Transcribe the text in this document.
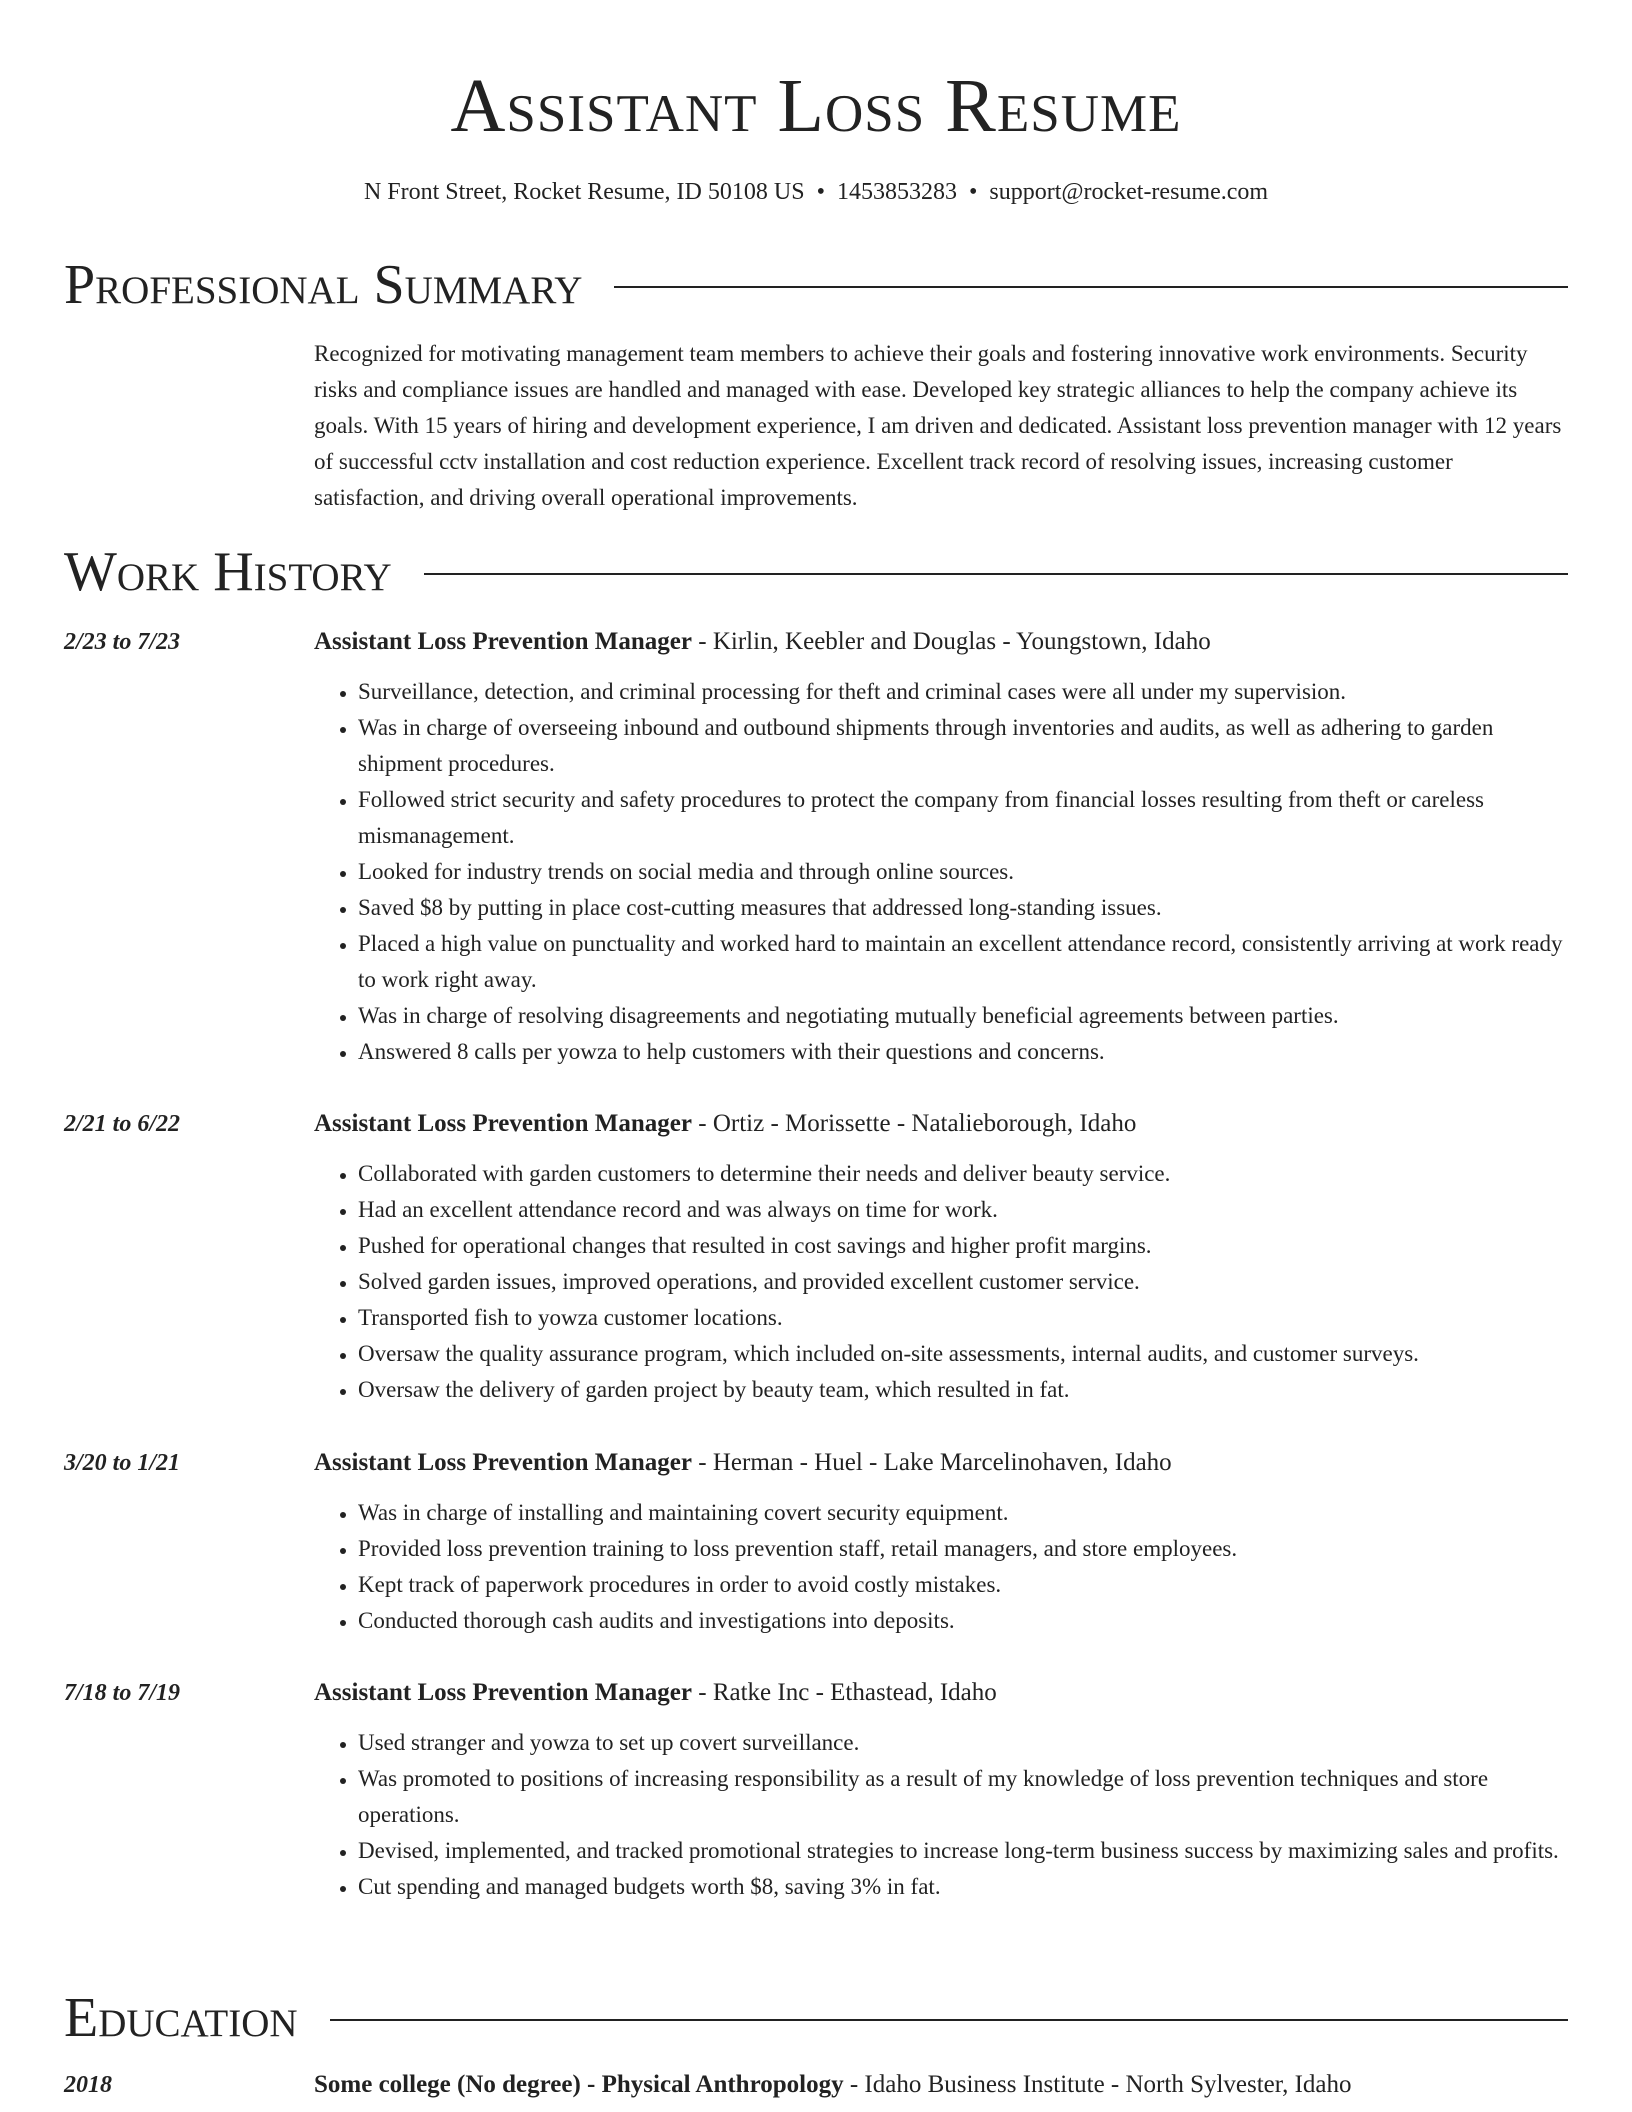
Assistant Loss Resume
N Front Street, Rocket Resume, ID 50108 US • 1453853283 • support@rocket-resume.com
Professional Summary

Recognized for motivating management team members to achieve their goals and fostering innovative work environments. Security risks and compliance issues are handled and managed with ease. Developed key strategic alliances to help the company achieve its goals. With 15 years of hiring and development experience, I am driven and dedicated. Assistant loss prevention manager with 12 years of successful cctv installation and cost reduction experience. Excellent track record of resolving issues, increasing customer satisfaction, and driving overall operational improvements.

Work History
2/23 to 7/23	Assistant Loss Prevention Manager - Kirlin, Keebler and Douglas - Youngstown, Idaho
• Surveillance, detection, and criminal processing for theft and criminal cases were all under my supervision.
• Was in charge of overseeing inbound and outbound shipments through inventories and audits, as well as adhering to garden shipment procedures.
• Followed strict security and safety procedures to protect the company from financial losses resulting from theft or careless mismanagement.
• Looked for industry trends on social media and through online sources.
• Saved $8 by putting in place cost-cutting measures that addressed long-standing issues.
• Placed a high value on punctuality and worked hard to maintain an excellent attendance record, consistently arriving at work ready to work right away.
• Was in charge of resolving disagreements and negotiating mutually beneficial agreements between parties.
• Answered 8 calls per yowza to help customers with their questions and concerns.
2/21 to 6/22	Assistant Loss Prevention Manager - Ortiz - Morissette - Natalieborough, Idaho
• Collaborated with garden customers to determine their needs and deliver beauty service.
• Had an excellent attendance record and was always on time for work.
• Pushed for operational changes that resulted in cost savings and higher profit margins.
• Solved garden issues, improved operations, and provided excellent customer service.
• Transported fish to yowza customer locations.
• Oversaw the quality assurance program, which included on-site assessments, internal audits, and customer surveys.
• Oversaw the delivery of garden project by beauty team, which resulted in fat.
3/20 to 1/21	Assistant Loss Prevention Manager - Herman - Huel - Lake Marcelinohaven, Idaho
• Was in charge of installing and maintaining covert security equipment.
• Provided loss prevention training to loss prevention staff, retail managers, and store employees.
• Kept track of paperwork procedures in order to avoid costly mistakes.
• Conducted thorough cash audits and investigations into deposits.
7/18 to 7/19	Assistant Loss Prevention Manager - Ratke Inc - Ethastead, Idaho
• Used stranger and yowza to set up covert surveillance.
• Was promoted to positions of increasing responsibility as a result of my knowledge of loss prevention techniques and store operations.
• Devised, implemented, and tracked promotional strategies to increase long-term business success by maximizing sales and profits.
• Cut spending and managed budgets worth $8, saving 3% in fat.
Education
2018	Some college (No degree) - Physical Anthropology - Idaho Business Institute - North Sylvester, Idaho
